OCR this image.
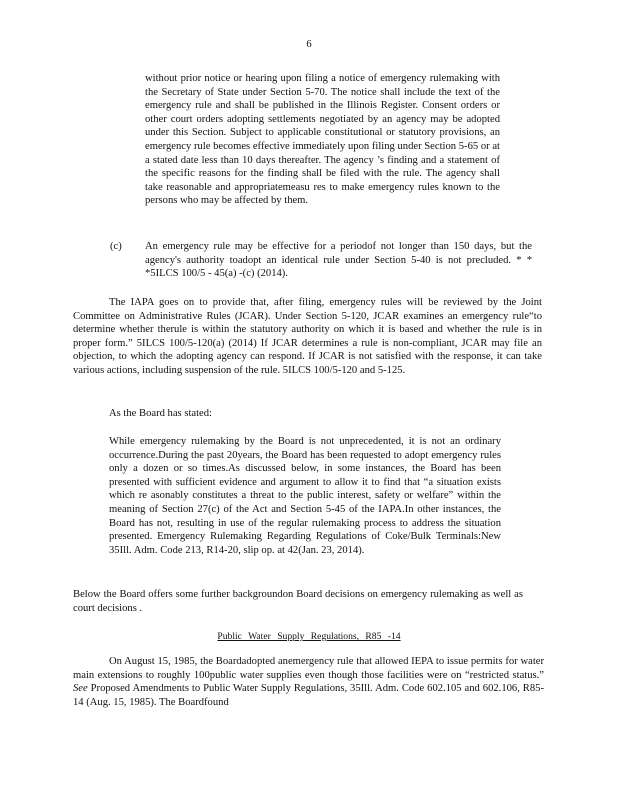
6

without prior notice or hearing upon filing a notice of emergency rulemaking with the Secretary of State under Section 5-70. The notice shall include the text of the emergency rule and shall be published in the Illinois Register. Consent orders or other court orders adopting settlements negotiated by an agency may be adopted under this Section. Subject to applicable constitutional or statutory provisions, an emergency rule becomes effective immediately upon filing under Section 5-65 or at a stated date less than 10 days thereafter. The agency ’s finding and a statement of the specific reasons for the finding shall be filed with the rule. The agency shall take reasonable and appropriatemeasu res to make emergency rules known to the persons who may be affected by them.

(c) An emergency rule may be effective for a periodof not longer than 150 days, but the agency's authority toadopt an identical rule under Section 5-40 is not precluded. * * *5ILCS 100/5 - 45(a) -(c) (2014).

The IAPA goes on to provide that, after filing, emergency rules will be reviewed by the Joint Committee on Administrative Rules (JCAR). Under Section 5-120, JCAR examines an emergency rule“to determine whether therule is within the statutory authority on which it is based and whether the rule is in proper form.” 5ILCS 100/5-120(a) (2014) If JCAR determines a rule is non-compliant, JCAR may file an objection, to which the adopting agency can respond. If JCAR is not satisfied with the response, it can take various actions, including suspension of the rule. 5ILCS 100/5-120 and 5-125.

As the Board has stated:

While emergency rulemaking by the Board is not unprecedented, it is not an ordinary occurrence.During the past 20years, the Board has been requested to adopt emergency rules only a dozen or so times.As discussed below, in some instances, the Board has been presented with sufficient evidence and argument to allow it to find that “a situation exists which re asonably constitutes a threat to the public interest, safety or welfare” within the meaning of Section 27(c) of the Act and Section 5-45 of the IAPA.In other instances, the Board has not, resulting in use of the regular rulemaking process to address the situation presented. Emergency Rulemaking Regarding Regulations of Coke/Bulk Terminals:New 35Ill. Adm. Code 213, R14-20, slip op. at 42(Jan. 23, 2014).

Below the Board offers some further backgroundon Board decisions on emergency rulemaking as well as court decisions .

Public Water Supply Regulations, R85 -14

On August 15, 1985, the Boardadopted anemergency rule that allowed IEPA to issue permits for water main extensions to roughly 100public water supplies even though those facilities were on “restricted status.” See Proposed Amendments to Public Water Supply Regulations, 35Ill. Adm. Code 602.105 and 602.106, R85-14 (Aug. 15, 1985). The Boardfound
